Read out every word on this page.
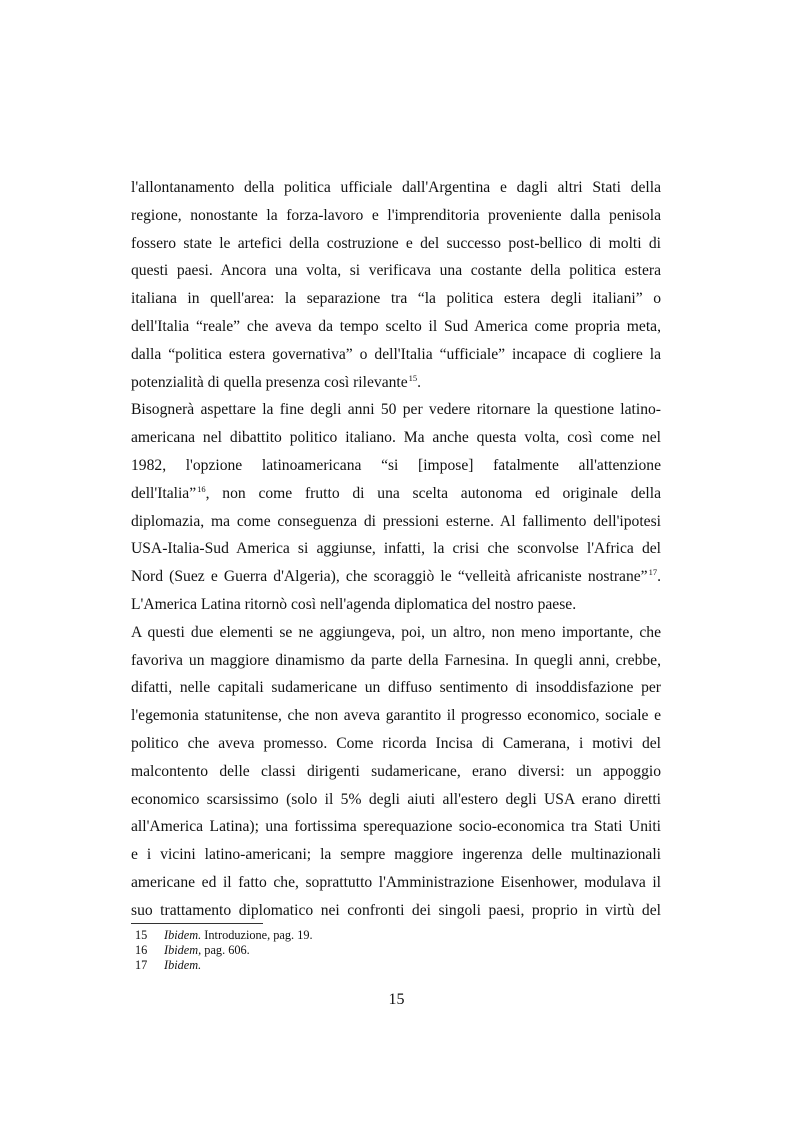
l'allontanamento della politica ufficiale dall'Argentina e dagli altri Stati della
regione, nonostante la forza-lavoro e l'imprenditoria proveniente dalla penisola
fossero state le artefici della costruzione e del successo post-bellico di molti di
questi paesi. Ancora una volta, si verificava una costante della politica estera
italiana in quell'area: la separazione tra “la politica estera degli italiani” o
dell'Italia “reale” che aveva da tempo scelto il Sud America come propria meta,
dalla “politica estera governativa” o dell'Italia “ufficiale” incapace di cogliere la
potenzialità di quella presenza così rilevante$^{15}$.
Bisognerà aspettare la fine degli anni 50 per vedere ritornare la questione latino-
americana nel dibattito politico italiano. Ma anche questa volta, così come nel
1982, l'opzione latinoamericana “si [impose] fatalmente all'attenzione
dell'Italia”$^{16}$, non come frutto di una scelta autonoma ed originale della
diplomazia, ma come conseguenza di pressioni esterne. Al fallimento dell'ipotesi
USA-Italia-Sud America si aggiunse, infatti, la crisi che sconvolse l'Africa del
Nord (Suez e Guerra d'Algeria), che scoraggiò le “velleità africaniste nostrane”$^{17}$.
L'America Latina ritornò così nell'agenda diplomatica del nostro paese.
A questi due elementi se ne aggiungeva, poi, un altro, non meno importante, che
favoriva un maggiore dinamismo da parte della Farnesina. In quegli anni, crebbe,
difatti, nelle capitali sudamericane un diffuso sentimento di insoddisfazione per
l'egemonia statunitense, che non aveva garantito il progresso economico, sociale e
politico che aveva promesso. Come ricorda Incisa di Camerana, i motivi del
malcontento delle classi dirigenti sudamericane, erano diversi: un appoggio
economico scarsissimo (solo il 5% degli aiuti all'estero degli USA erano diretti
all'America Latina); una fortissima sperequazione socio-economica tra Stati Uniti
e i vicini latino-americani; la sempre maggiore ingerenza delle multinazionali
americane ed il fatto che, soprattutto l'Amministrazione Eisenhower, modulava il
suo trattamento diplomatico nei confronti dei singoli paesi, proprio in virtù del
15 Ibidem. Introduzione, pag. 19.
16 Ibidem, pag. 606.
17 Ibidem.
15
